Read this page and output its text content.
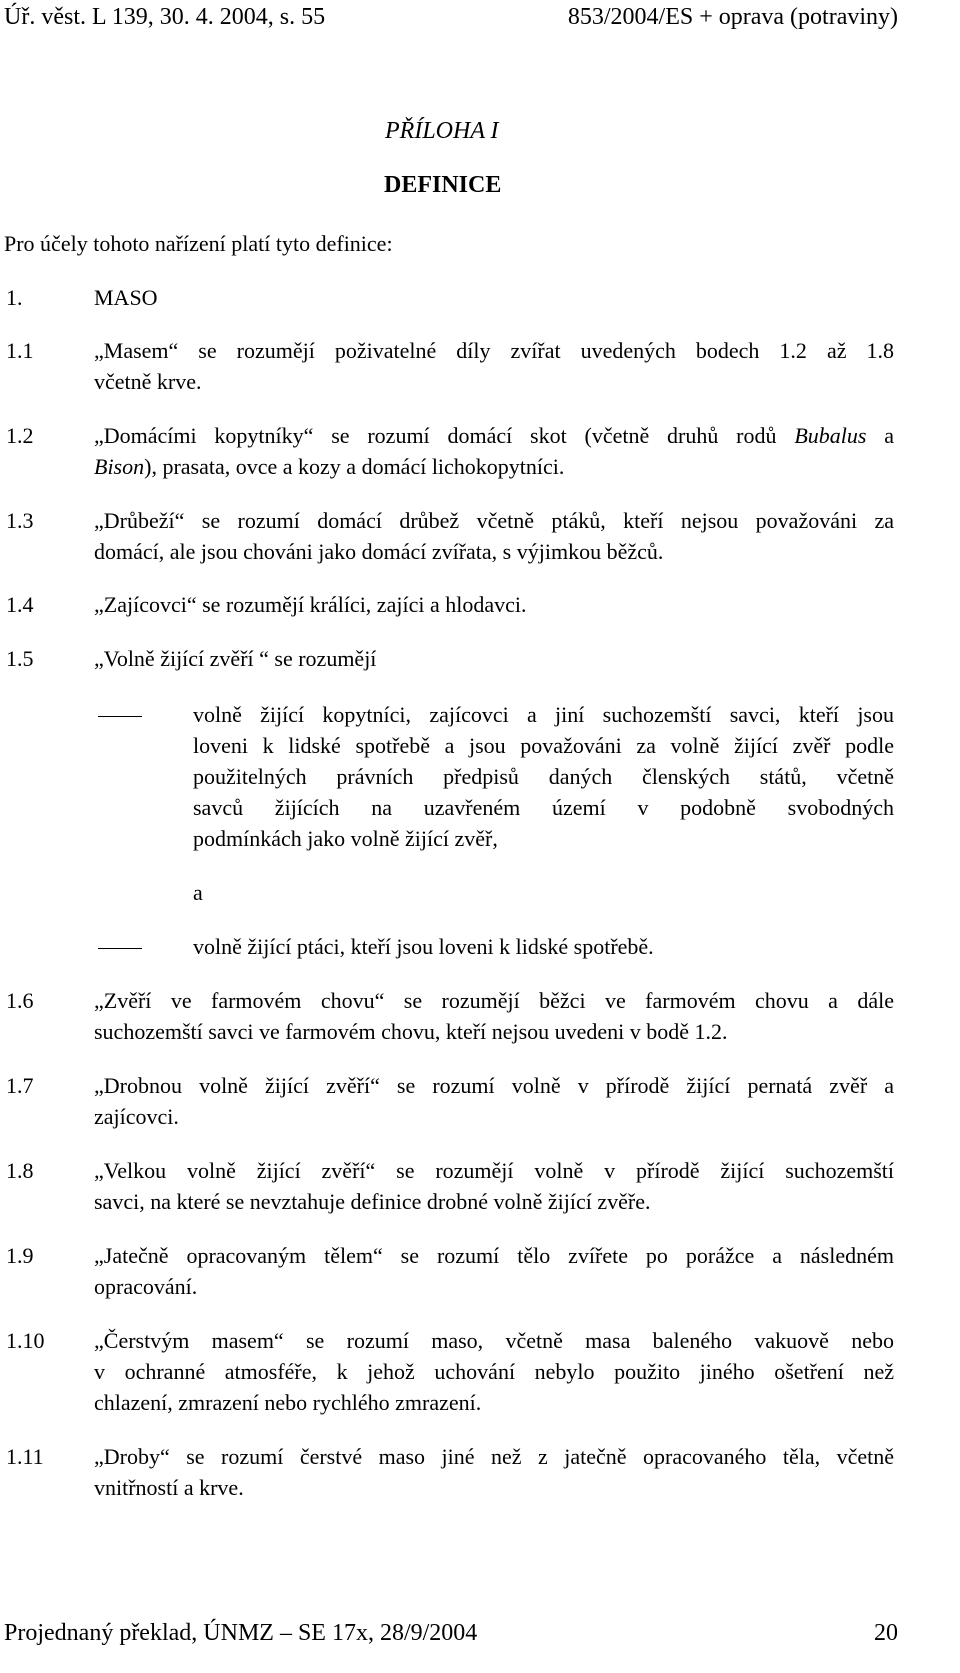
Úř. věst. L 139, 30. 4. 2004, s. 55	853/2004/ES + oprava (potraviny)
PŘÍLOHA I
DEFINICE
Pro účely tohoto nařízení platí tyto definice:
1.	MASO
1.1	„Masem“ se rozumějí poživatelné díly zvířat uvedených bodech 1.2 až 1.8
včetně krve.
1.2	„Domácími kopytníky“ se rozumí domácí skot (včetně druhů rodů Bubalus a
Bison), prasata, ovce a kozy a domácí lichokopytníci.
1.3	„Drůbeží“ se rozumí domácí drůbež včetně ptáků, kteří nejsou považováni za
domácí, ale jsou chováni jako domácí zvířata, s výjimkou běžců.
1.4	„Zajícovci“ se rozumějí králíci, zajíci a hlodavci.
1.5	„Volně žijící zvěří “ se rozumějí
volně žijící kopytníci, zajícovci a jiní suchozemští savci, kteří jsou
loveni k lidské spotřebě a jsou považováni za volně žijící zvěř podle
použitelných právních předpisů daných členských států, včetně
savců žijících na uzavřeném území v podobně svobodných
podmínkách jako volně žijící zvěř,
a
volně žijící ptáci, kteří jsou loveni k lidské spotřebě.
1.6	„Zvěří ve farmovém chovu“ se rozumějí běžci ve farmovém chovu a dále
suchozemští savci ve farmovém chovu, kteří nejsou uvedeni v bodě 1.2.
1.7	„Drobnou volně žijící zvěří“ se rozumí volně v přírodě žijící pernatá zvěř a
zajícovci.
1.8	„Velkou volně žijící zvěří“ se rozumějí volně v přírodě žijící suchozemští
savci, na které se nevztahuje definice drobné volně žijící zvěře.
1.9	„Jatečně opracovaným tělem“ se rozumí tělo zvířete po porážce a následném
opracování.
1.10 „Čerstvým masem“ se rozumí maso, včetně masa baleného vakuově nebo
v ochranné atmosféře, k jehož uchování nebylo použito jiného ošetření než
chlazení, zmrazení nebo rychlého zmrazení.
1.11 „Droby“ se rozumí čerstvé maso jiné než z jatečně opracovaného těla, včetně
vnitřností a krve.
Projednaný překlad, ÚNMZ – SE 17x, 28/9/2004	20
